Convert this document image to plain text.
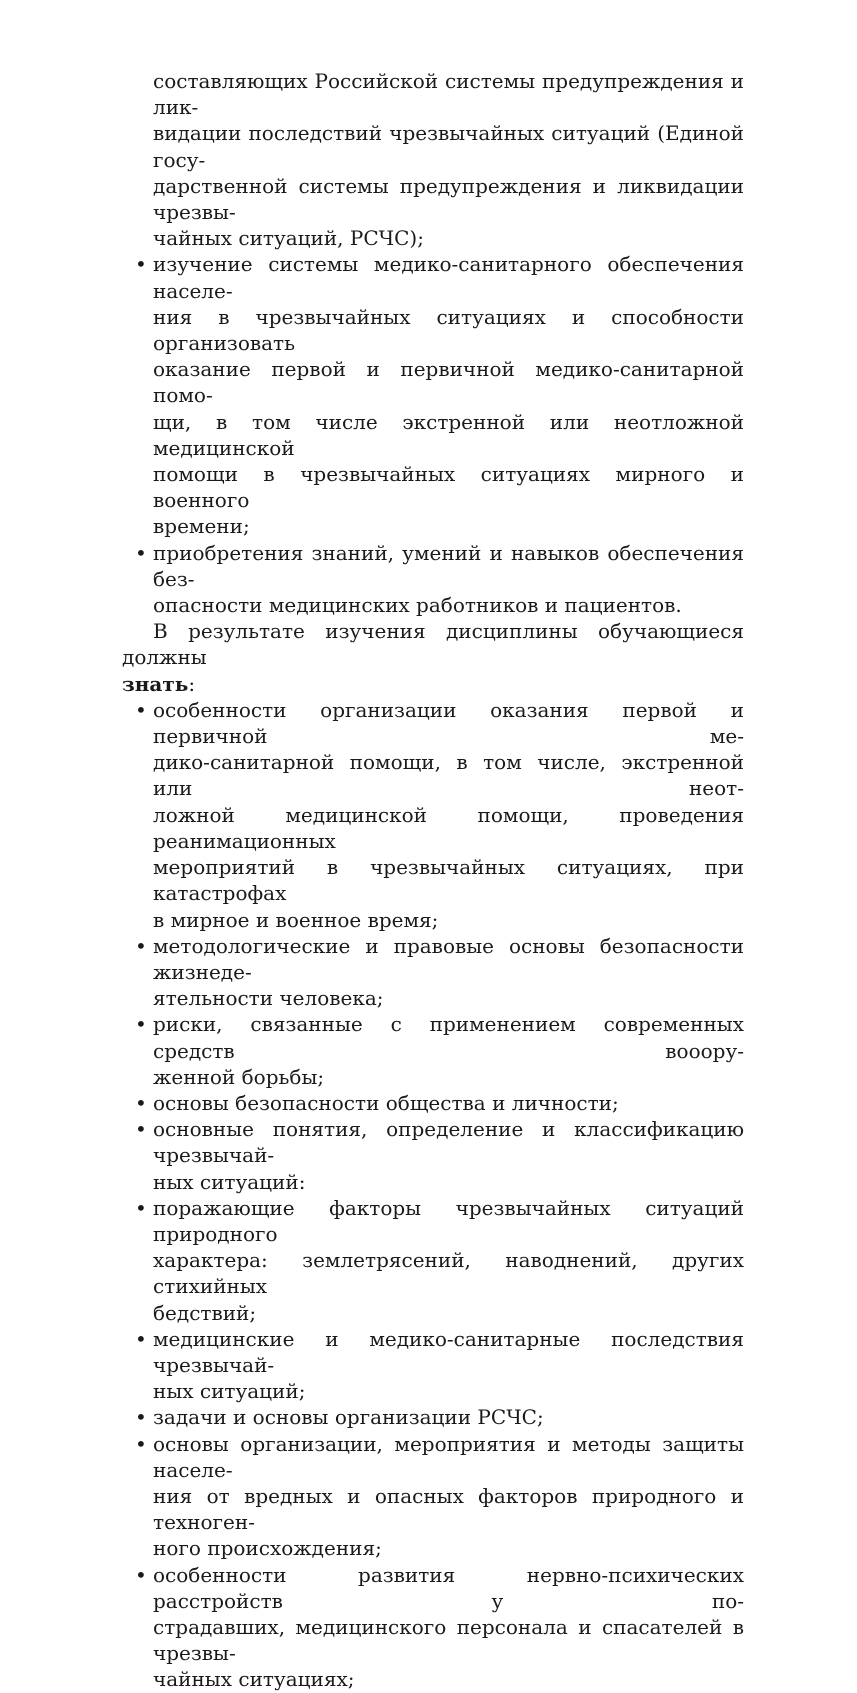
составляющих Российской системы предупреждения и лик-
видации последствий чрезвычайных ситуаций (Единой госу-
дарственной системы предупреждения и ликвидации чрезвы-
чайных ситуаций, РСЧС);
• изучение системы медико-санитарного обеспечения населе-
ния в чрезвычайных ситуациях и способности организовать
оказание первой и первичной медико-санитарной помо-
щи, в том числе экстренной или неотложной медицинской
помощи в чрезвычайных ситуациях мирного и военного
времени;
• приобретения знаний, умений и навыков обеспечения без-
опасности медицинских работников и пациентов.
В результате изучения дисциплины обучающиеся должны
знать:
• особенности организации оказания первой и первичной ме-
дико-санитарной помощи, в том числе, экстренной или неот-
ложной медицинской помощи, проведения реанимационных
мероприятий в чрезвычайных ситуациях, при катастрофах
в мирное и военное время;
• методологические и правовые основы безопасности жизнеде-
ятельности человека;
• риски, связанные с применением современных средств вооору-
женной борьбы;
• основы безопасности общества и личности;
• основные понятия, определение и классификацию чрезвычай-
ных ситуаций:
• поражающие факторы чрезвычайных ситуаций природного
характера: землетрясений, наводнений, других стихийных
бедствий;
• медицинские и медико-санитарные последствия чрезвычай-
ных ситуаций;
• задачи и основы организации РСЧС;
• основы организации, мероприятия и методы защиты населе-
ния от вредных и опасных факторов природного и техноген-
ного происхождения;
• особенности развития нервно-психических расстройств у по-
страдавших, медицинского персонала и спасателей в чрезвы-
чайных ситуациях;
